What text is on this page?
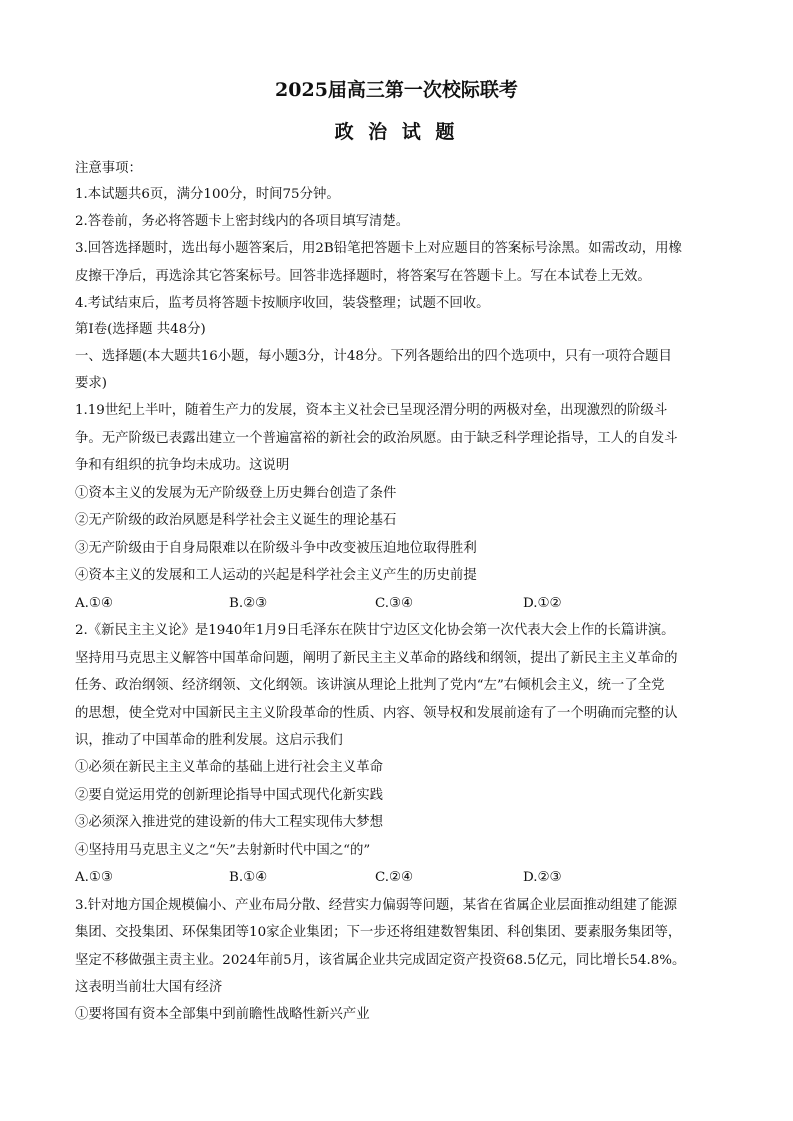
2025届高三第一次校际联考
政 治 试 题
注意事项：
1.本试题共6页，满分100分，时间75分钟。
2.答卷前，务必将答题卡上密封线内的各项目填写清楚。
3.回答选择题时，选出每小题答案后，用2B铅笔把答题卡上对应题目的答案标号涂黑。如需改动，用橡
皮擦干净后，再选涂其它答案标号。回答非选择题时，将答案写在答题卡上。写在本试卷上无效。
4.考试结束后，监考员将答题卡按顺序收回，装袋整理；试题不回收。
第Ⅰ卷(选择题 共48分)
一、选择题(本大题共16小题，每小题3分，计48分。下列各题给出的四个选项中，只有一项符合题目
要求)
1.19世纪上半叶，随着生产力的发展，资本主义社会已呈现泾渭分明的两极对垒，出现激烈的阶级斗
争。无产阶级已表露出建立一个普遍富裕的新社会的政治夙愿。由于缺乏科学理论指导，工人的自发斗
争和有组织的抗争均未成功。这说明
①资本主义的发展为无产阶级登上历史舞台创造了条件
②无产阶级的政治夙愿是科学社会主义诞生的理论基石
③无产阶级由于自身局限难以在阶级斗争中改变被压迫地位取得胜利
④资本主义的发展和工人运动的兴起是科学社会主义产生的历史前提
A.①④	B.②③	C.③④	D.①②
2.《新民主主义论》是1940年1月9日毛泽东在陕甘宁边区文化协会第一次代表大会上作的长篇讲演。
坚持用马克思主义解答中国革命问题，阐明了新民主主义革命的路线和纲领，提出了新民主主义革命的
任务、政治纲领、经济纲领、文化纲领。该讲演从理论上批判了党内“左”右倾机会主义，统一了全党
的思想，使全党对中国新民主主义阶段革命的性质、内容、领导权和发展前途有了一个明确而完整的认
识，推动了中国革命的胜利发展。这启示我们
①必须在新民主主义革命的基础上进行社会主义革命
②要自觉运用党的创新理论指导中国式现代化新实践
③必须深入推进党的建设新的伟大工程实现伟大梦想
④坚持用马克思主义之“矢”去射新时代中国之“的”
A.①③	B.①④	C.②④	D.②③
3.针对地方国企规模偏小、产业布局分散、经营实力偏弱等问题，某省在省属企业层面推动组建了能源
集团、交投集团、环保集团等10家企业集团；下一步还将组建数智集团、科创集团、要素服务集团等，
坚定不移做强主责主业。2024年前5月，该省属企业共完成固定资产投资68.5亿元，同比增长54.8%。
这表明当前壮大国有经济
①要将国有资本全部集中到前瞻性战略性新兴产业
